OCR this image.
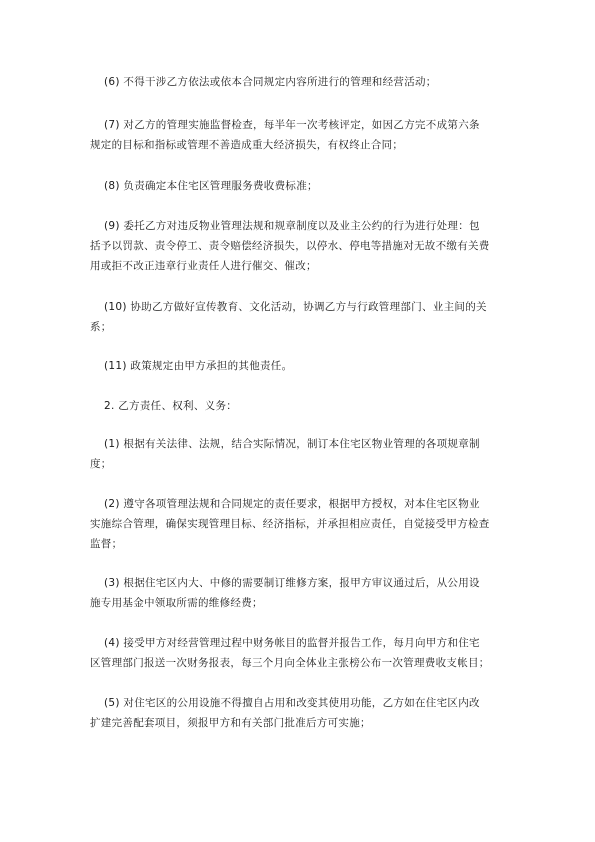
(6) 不得干涉乙方依法或依本合同规定内容所进行的管理和经营活动；

(7) 对乙方的管理实施监督检查，每半年一次考核评定，如因乙方完不成第六条
规定的目标和指标或管理不善造成重大经济损失，有权终止合同；

(8) 负责确定本住宅区管理服务费收费标准；

(9) 委托乙方对违反物业管理法规和规章制度以及业主公约的行为进行处理：包
括予以罚款、责令停工、责令赔偿经济损失，以停水、停电等措施对无故不缴有关费
用或拒不改正违章行业责任人进行催交、催改；

(10) 协助乙方做好宣传教育、文化活动，协调乙方与行政管理部门、业主间的关
系；

(11) 政策规定由甲方承担的其他责任。

2. 乙方责任、权利、义务：

(1) 根据有关法律、法规，结合实际情况，制订本住宅区物业管理的各项规章制
度；

(2) 遵守各项管理法规和合同规定的责任要求，根据甲方授权，对本住宅区物业
实施综合管理，确保实现管理目标、经济指标，并承担相应责任，自觉接受甲方检查
监督；

(3) 根据住宅区内大、中修的需要制订维修方案，报甲方审议通过后，从公用设
施专用基金中领取所需的维修经费；

(4) 接受甲方对经营管理过程中财务帐目的监督并报告工作，每月向甲方和住宅
区管理部门报送一次财务报表，每三个月向全体业主张榜公布一次管理费收支帐目；

(5) 对住宅区的公用设施不得擅自占用和改变其使用功能，乙方如在住宅区内改
扩建完善配套项目，须报甲方和有关部门批准后方可实施；
